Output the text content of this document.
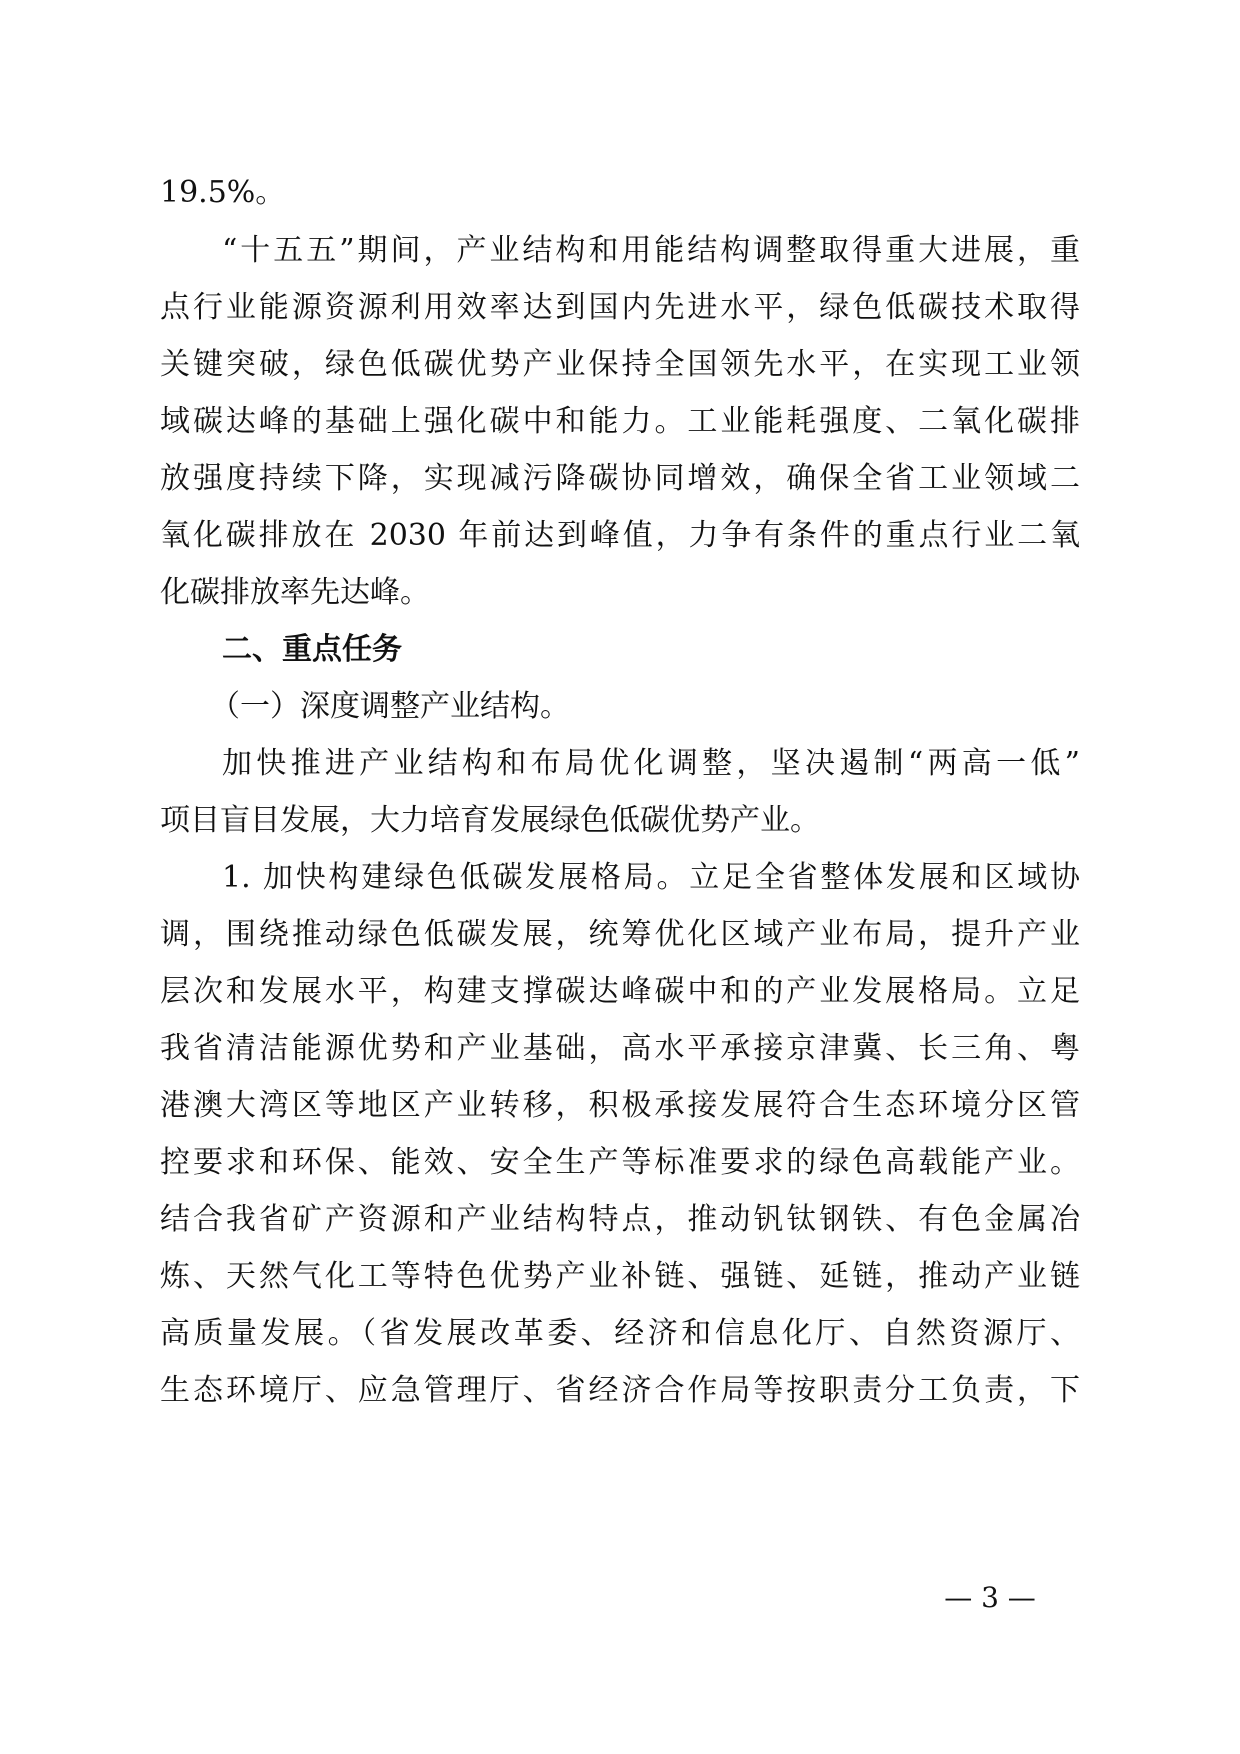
19.5%。
“十五五”期间，产业结构和用能结构调整取得重大进展，重
点行业能源资源利用效率达到国内先进水平，绿色低碳技术取得
关键突破，绿色低碳优势产业保持全国领先水平，在实现工业领
域碳达峰的基础上强化碳中和能力。工业能耗强度、二氧化碳排
放强度持续下降，实现减污降碳协同增效，确保全省工业领域二
氧化碳排放在 2030 年前达到峰值，力争有条件的重点行业二氧
化碳排放率先达峰。
二、重点任务
（一）深度调整产业结构。
加快推进产业结构和布局优化调整，坚决遏制“两高一低”
项目盲目发展，大力培育发展绿色低碳优势产业。
1. 加快构建绿色低碳发展格局。立足全省整体发展和区域协
调，围绕推动绿色低碳发展，统筹优化区域产业布局，提升产业
层次和发展水平，构建支撑碳达峰碳中和的产业发展格局。立足
我省清洁能源优势和产业基础，高水平承接京津冀、长三角、粤
港澳大湾区等地区产业转移，积极承接发展符合生态环境分区管
控要求和环保、能效、安全生产等标准要求的绿色高载能产业。
结合我省矿产资源和产业结构特点，推动钒钛钢铁、有色金属冶
炼、天然气化工等特色优势产业补链、强链、延链，推动产业链
高质量发展。（省发展改革委、经济和信息化厅、自然资源厅、
生态环境厅、应急管理厅、省经济合作局等按职责分工负责，下
— 3 —
